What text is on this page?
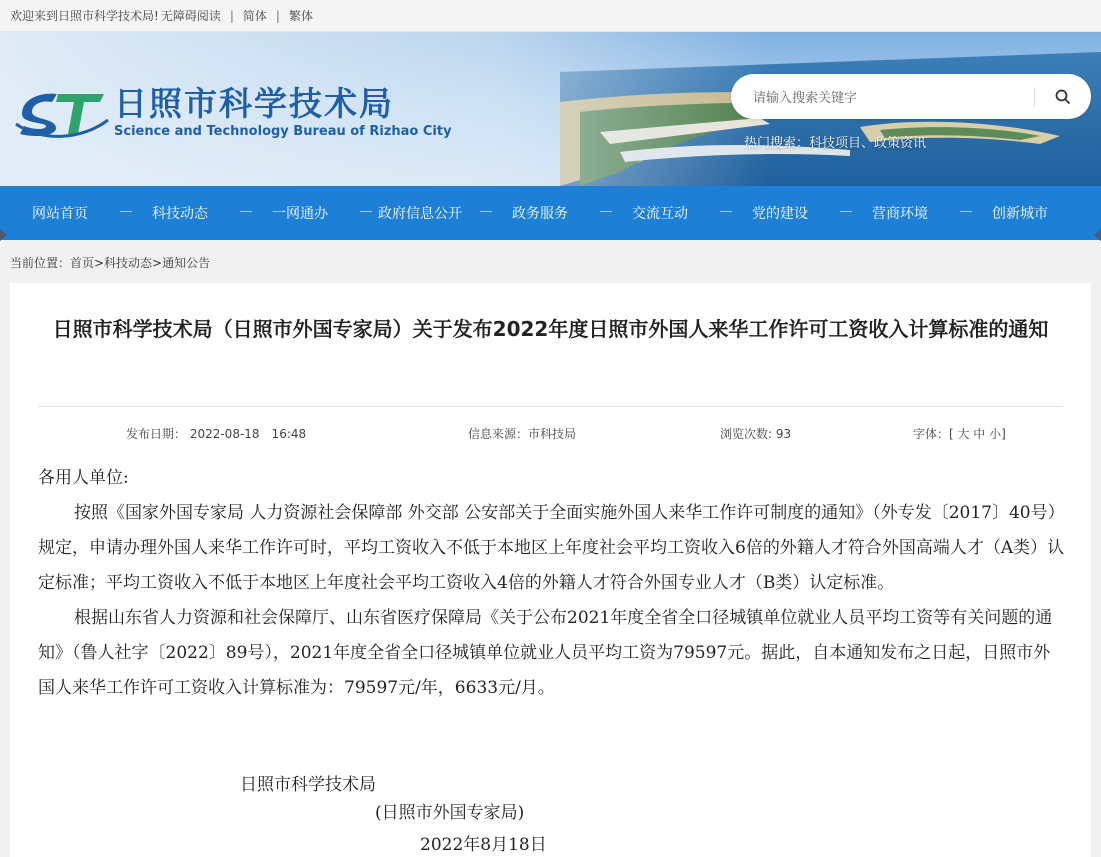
欢迎来到日照市科学技术局! 无障碍阅读 | 简体 | 繁体
日照市科学技术局
Science and Technology Bureau of Rizhao City
请输入搜索关键字
热门搜索：科技项目、政策资讯
网站首页	科技动态	一网通办	政府信息公开	政务服务	交流互动	党的建设	营商环境	创新城市
当前位置：首页>科技动态>通知公告
日照市科学技术局（日照市外国专家局）关于发布2022年度日照市外国人来华工作许可工资收入计算标准的通知
发布日期： 2022-08-18　16:48	信息来源：市科技局	浏览次数: 93	字体：[ 大 中 小]

各用人单位:

按照《国家外国专家局 人力资源社会保障部 外交部 公安部关于全面实施外国人来华工作许可制度的通知》（外专发〔2017〕40号）规定，申请办理外国人来华工作许可时，平均工资收入不低于本地区上年度社会平均工资收入6倍的外籍人才符合外国高端人才（A类）认定标准；平均工资收入不低于本地区上年度社会平均工资收入4倍的外籍人才符合外国专业人才（B类）认定标准。

根据山东省人力资源和社会保障厅、山东省医疗保障局《关于公布2021年度全省全口径城镇单位就业人员平均工资等有关问题的通知》（鲁人社字〔2022〕89号），2021年度全省全口径城镇单位就业人员平均工资为79597元。据此，自本通知发布之日起，日照市外国人来华工作许可工资收入计算标准为：79597元/年，6633元/月。

日照市科学技术局
(日照市外国专家局)
2022年8月18日
